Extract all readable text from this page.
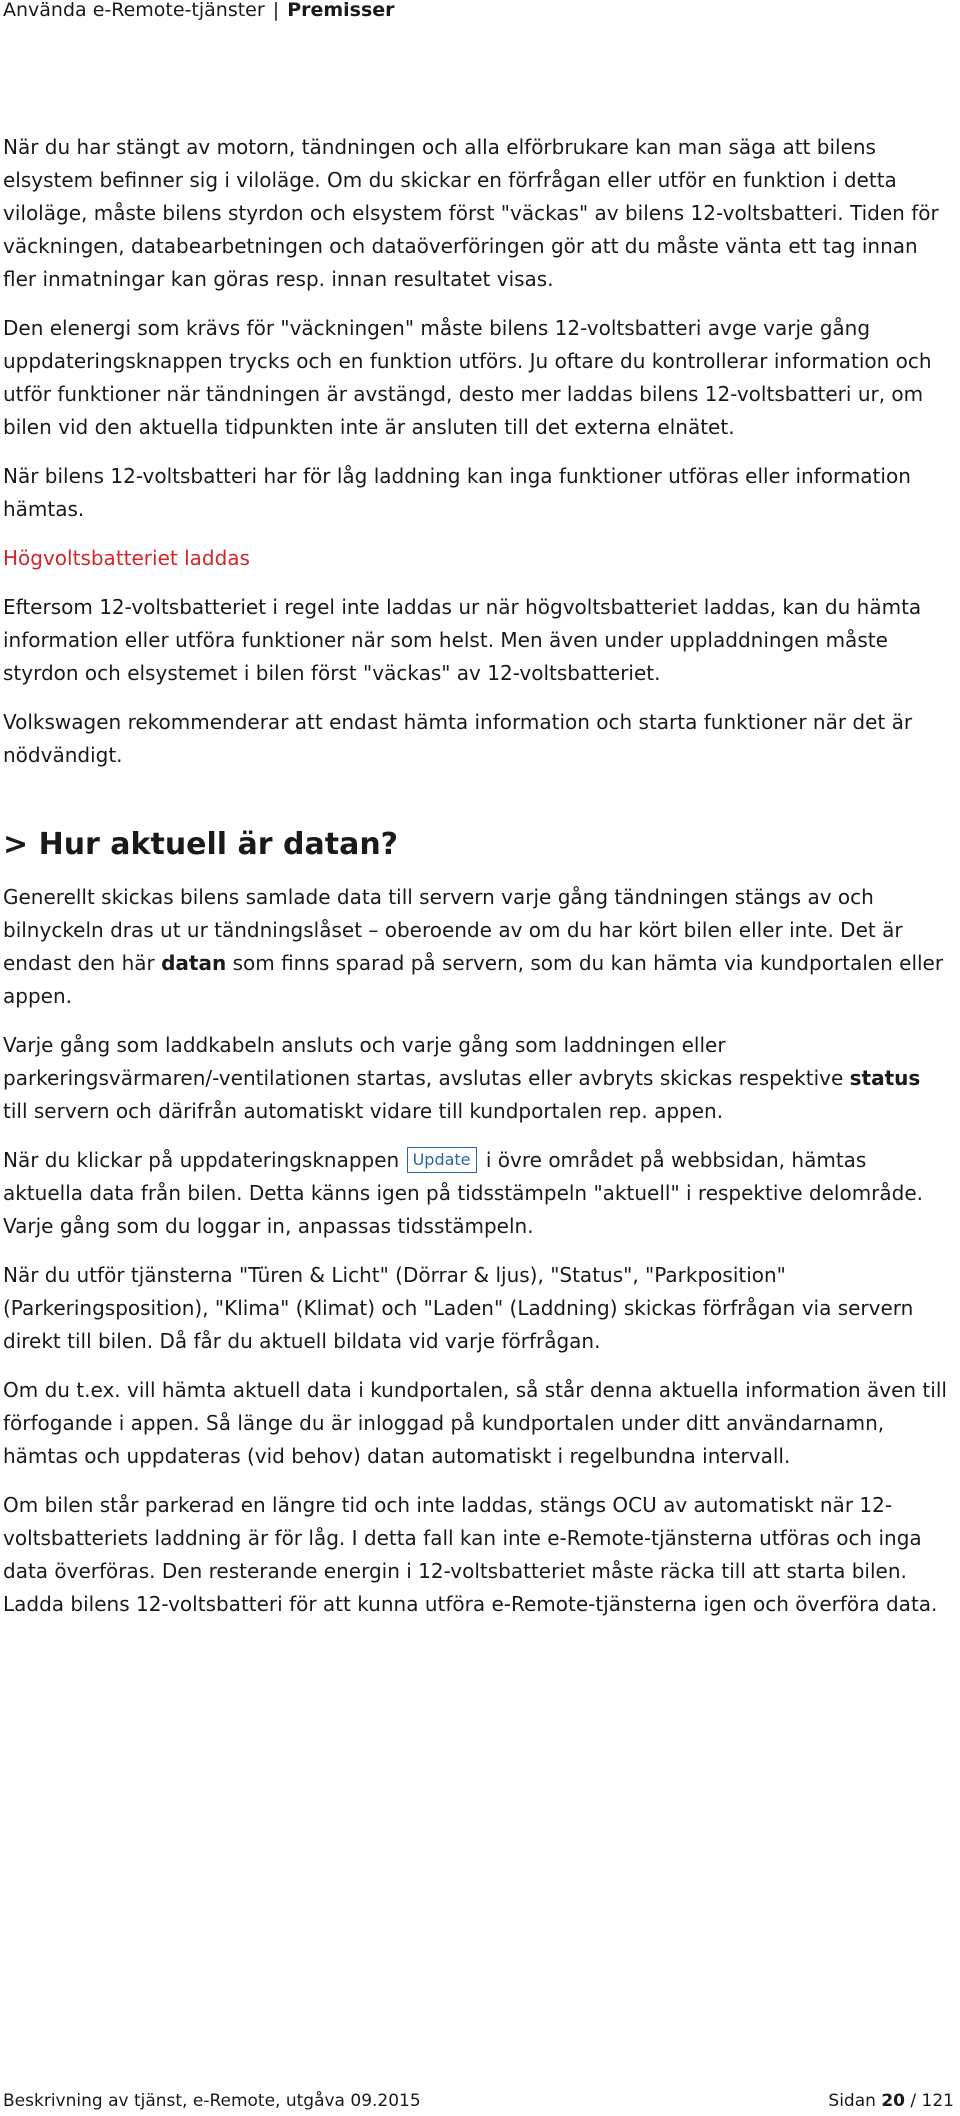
Använda e-Remote-tjänster | Premisser

När du har stängt av motorn, tändningen och alla elförbrukare kan man säga att bilens elsystem befinner sig i viloläge. Om du skickar en förfrågan eller utför en funktion i detta viloläge, måste bilens styrdon och elsystem först "väckas" av bilens 12-voltsbatteri. Tiden för väckningen, databearbetningen och dataöverföringen gör att du måste vänta ett tag innan fler inmatningar kan göras resp. innan resultatet visas.

Den elenergi som krävs för "väckningen" måste bilens 12-voltsbatteri avge varje gång uppdateringsknappen trycks och en funktion utförs. Ju oftare du kontrollerar information och utför funktioner när tändningen är avstängd, desto mer laddas bilens 12-voltsbatteri ur, om bilen vid den aktuella tidpunkten inte är ansluten till det externa elnätet.

När bilens 12-voltsbatteri har för låg laddning kan inga funktioner utföras eller information hämtas.

Högvoltsbatteriet laddas

Eftersom 12-voltsbatteriet i regel inte laddas ur när högvoltsbatteriet laddas, kan du hämta information eller utföra funktioner när som helst. Men även under uppladdningen måste styrdon och elsystemet i bilen först "väckas" av 12-voltsbatteriet.

Volkswagen rekommenderar att endast hämta information och starta funktioner när det är nödvändigt.

> Hur aktuell är datan?

Generellt skickas bilens samlade data till servern varje gång tändningen stängs av och bilnyckeln dras ut ur tändningslåset – oberoende av om du har kört bilen eller inte. Det är endast den här datan som finns sparad på servern, som du kan hämta via kundportalen eller appen.

Varje gång som laddkabeln ansluts och varje gång som laddningen eller parkeringsvärmaren/-ventilationen startas, avslutas eller avbryts skickas respektive status till servern och därifrån automatiskt vidare till kundportalen rep. appen.

När du klickar på uppdateringsknappen Update i övre området på webbsidan, hämtas aktuella data från bilen. Detta känns igen på tidsstämpeln "aktuell" i respektive delområde. Varje gång som du loggar in, anpassas tidsstämpeln.

När du utför tjänsterna "Türen & Licht" (Dörrar & ljus), "Status", "Parkposition" (Parkeringsposition), "Klima" (Klimat) och "Laden" (Laddning) skickas förfrågan via servern direkt till bilen. Då får du aktuell bildata vid varje förfrågan.

Om du t.ex. vill hämta aktuell data i kundportalen, så står denna aktuella information även till förfogande i appen. Så länge du är inloggad på kundportalen under ditt användarnamn, hämtas och uppdateras (vid behov) datan automatiskt i regelbundna intervall.

Om bilen står parkerad en längre tid och inte laddas, stängs OCU av automatiskt när 12-voltsbatteriets laddning är för låg. I detta fall kan inte e-Remote-tjänsterna utföras och inga data överföras. Den resterande energin i 12-voltsbatteriet måste räcka till att starta bilen. Ladda bilens 12-voltsbatteri för att kunna utföra e-Remote-tjänsterna igen och överföra data.

Beskrivning av tjänst, e-Remote, utgåva 09.2015	Sidan 20 / 121
